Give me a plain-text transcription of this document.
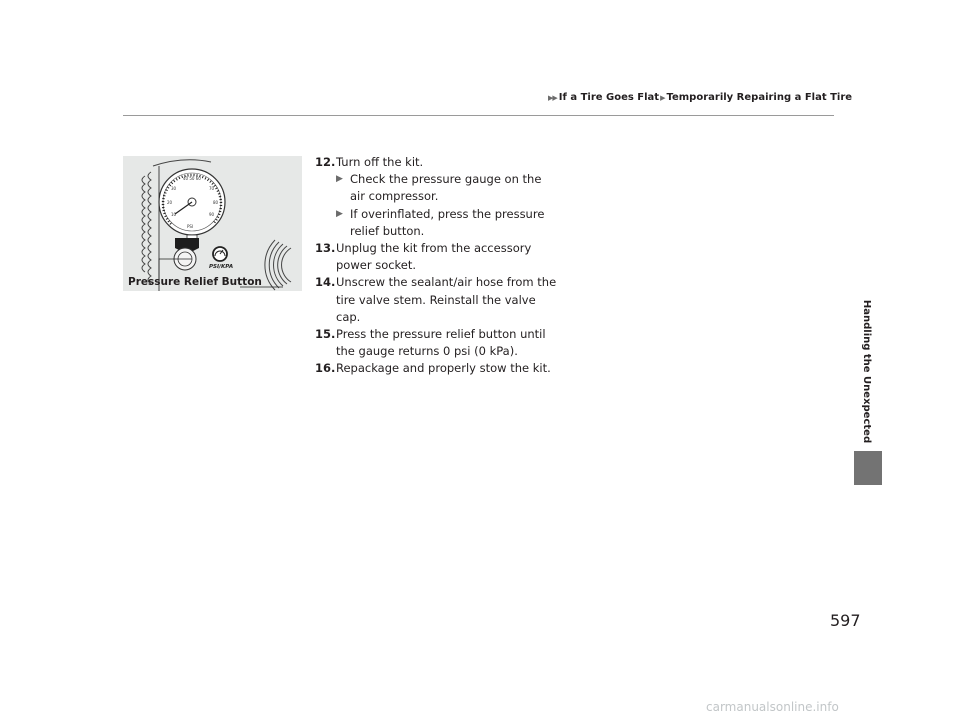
▶ ▶ If a Tire Goes Flat ▶ Temporarily Repairing a Flat Tire
Handling the Unexpected
40 50 60
30	70
20	80
10	90
PSI
PSI/KPA
Pressure Relief Button
12. Turn off the kit.
▶ Check the pressure gauge on the air compressor.
▶ If overinflated, press the pressure relief button.
13. Unplug the kit from the accessory power socket.
14. Unscrew the sealant/air hose from the tire valve stem. Reinstall the valve cap.
15. Press the pressure relief button until the gauge returns 0 psi (0 kPa).
16. Repackage and properly stow the kit.
597
carmanualsonline.info
